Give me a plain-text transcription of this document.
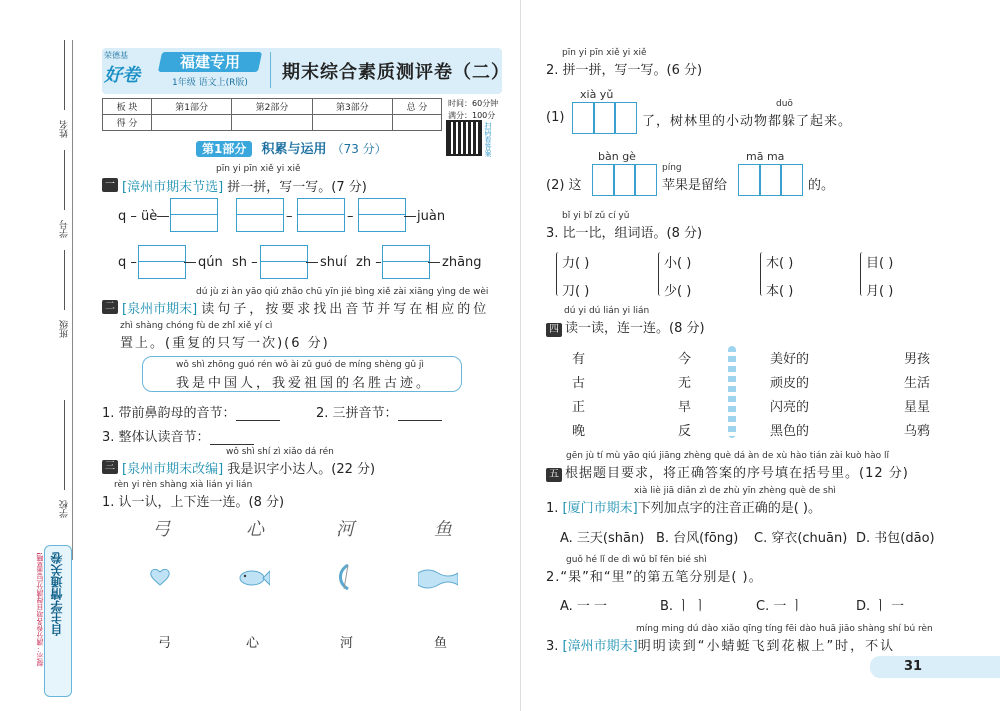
姓名
学号
班级
学校
自主学情通关卷
提示：满分卷各项目得满分后盖章哦!
荣德基
好卷
福建专用
1年级 语文上(R版) 期末综合素质测评卷（二）
板 块	第1部分	第2部分	第3部分	总 分
得 分				
时间：60分钟
满分：100分
扫码看答案
第1部分 积累与运用 （73 分）
一
pīn yi pīn xiě yi xiě
[漳州市期末节选] 拼一拼，写一写。(7 分)
q – üè	–	–	juàn
q –	qún sh –	shuí zh –	zhāng
二
dú jù zi àn yāo qiú zhǎo chū yīn jié bìng xiě zài xiāng yìng de wèi
[泉州市期末] 读句子，按要求找出音节并写在相应的位
zhì shàng chóng fù de zhǐ xiě yí cì
置上。(重复的只写一次)(6 分)
wǒ shì zhōng guó rén wǒ ài zǔ guó de míng shèng gǔ jì
我是中国人，我爱祖国的名胜古迹。
1. 带前鼻韵母的音节：	2. 三拼音节：
3. 整体认读音节：
三
wǒ shì shí zì xiǎo dá rén
[泉州市期末改编] 我是识字小达人。(22 分)
rèn yi rèn shàng xià lián yi lián
1. 认一认，上下连一连。(8 分)
弓	心	河	鱼
弓	心	河	鱼
pīn yi pīn xiě yi xiě
2. 拼一拼，写一写。(6 分)
xià yǔ
(1)
duō
了，树林里的小动物都躲了起来。
bàn gè	mā ma
(2) 这
píng
苹果是留给	的。
bǐ yi bǐ zǔ cí yǔ
3. 比一比，组词语。(8 分)
力( )	小( )	木( )	目( )
刀( )	少( )	本( )	月( )
dú yi dú lián yi lián
四 读一读，连一连。(8 分)
有	今
古	无
正	早
晚	反
美好的	男孩
顽皮的	生活
闪亮的	星星
黑色的	乌鸦
gēn jù tí mù yāo qiú jiāng zhèng què dá àn de xù hào tián zài kuò hào lǐ
五 根据题目要求，将正确答案的序号填在括号里。(12 分)
xià liè jiā diǎn zì de zhù yīn zhèng què de shì
1. [厦门市期末]下列加点字的注音正确的是( )。
A. 三天(shān) B. 台风(fōng) C. 穿衣(chuān) D. 书包(dāo)
guǒ hé lǐ de dì wǔ bǐ fēn bié shì
2.“果”和“里”的第五笔分别是( )。
A. 一 一	B. ㅣ ㅣ	C. 一 ㅣ	D. ㅣ 一
míng ming dú dào xiǎo qīng tíng fēi dào huā jiāo shàng shí bú rèn
3. [漳州市期末]明明读到“小蜻蜓飞到花椒上”时，不认
31
